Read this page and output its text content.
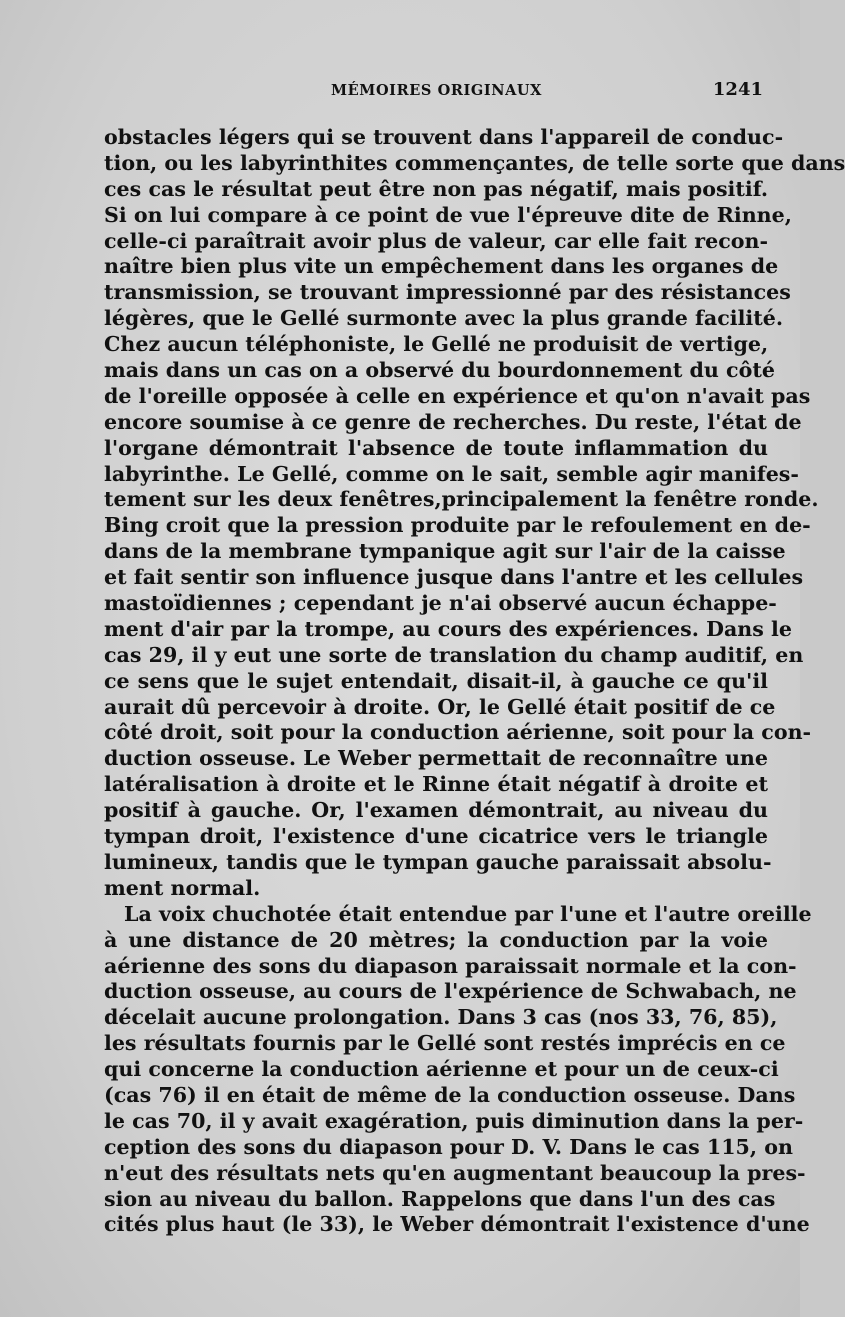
MÉMOIRES ORIGINAUX	1241
obstacles légers qui se trouvent dans l'appareil de conduc-
tion, ou les labyrinthites commençantes, de telle sorte que dans
ces cas le résultat peut être non pas négatif, mais positif.
Si on lui compare à ce point de vue l'épreuve dite de Rinne,
celle-ci paraîtrait avoir plus de valeur, car elle fait recon-
naître bien plus vite un empêchement dans les organes de
transmission, se trouvant impressionné par des résistances
légères, que le Gellé surmonte avec la plus grande facilité.
Chez aucun téléphoniste, le Gellé ne produisit de vertige,
mais dans un cas on a observé du bourdonnement du côté
de l'oreille opposée à celle en expérience et qu'on n'avait pas
encore soumise à ce genre de recherches. Du reste, l'état de
l'organe démontrait l'absence de toute inflammation du
labyrinthe. Le Gellé, comme on le sait, semble agir manifes-
tement sur les deux fenêtres,principalement la fenêtre ronde.
Bing croit que la pression produite par le refoulement en de-
dans de la membrane tympanique agit sur l'air de la caisse
et fait sentir son influence jusque dans l'antre et les cellules
mastoïdiennes ; cependant je n'ai observé aucun échappe-
ment d'air par la trompe, au cours des expériences. Dans le
cas 29, il y eut une sorte de translation du champ auditif, en
ce sens que le sujet entendait, disait-il, à gauche ce qu'il
aurait dû percevoir à droite. Or, le Gellé était positif de ce
côté droit, soit pour la conduction aérienne, soit pour la con-
duction osseuse. Le Weber permettait de reconnaître une
latéralisation à droite et le Rinne était négatif à droite et
positif à gauche. Or, l'examen démontrait, au niveau du
tympan droit, l'existence d'une cicatrice vers le triangle
lumineux, tandis que le tympan gauche paraissait absolu-
ment normal.
La voix chuchotée était entendue par l'une et l'autre oreille
à une distance de 20 mètres; la conduction par la voie
aérienne des sons du diapason paraissait normale et la con-
duction osseuse, au cours de l'expérience de Schwabach, ne
décelait aucune prolongation. Dans 3 cas (nos 33, 76, 85),
les résultats fournis par le Gellé sont restés imprécis en ce
qui concerne la conduction aérienne et pour un de ceux-ci
(cas 76) il en était de même de la conduction osseuse. Dans
le cas 70, il y avait exagération, puis diminution dans la per-
ception des sons du diapason pour D. V. Dans le cas 115, on
n'eut des résultats nets qu'en augmentant beaucoup la pres-
sion au niveau du ballon. Rappelons que dans l'un des cas
cités plus haut (le 33), le Weber démontrait l'existence d'une
